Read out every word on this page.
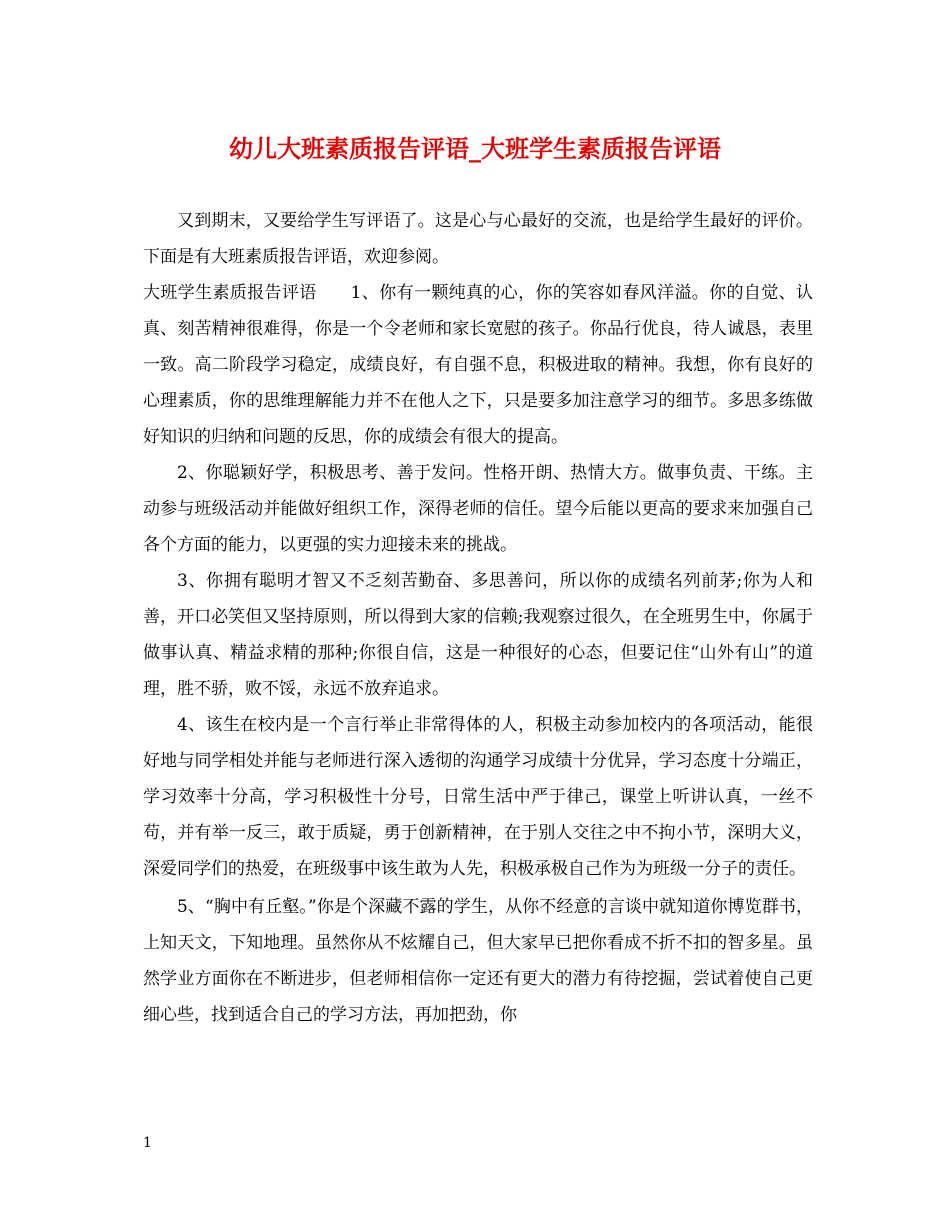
幼儿大班素质报告评语_大班学生素质报告评语

又到期末，又要给学生写评语了。这是心与心最好的交流，也是给学生最好的评价。下面是有大班素质报告评语，欢迎参阅。

大班学生素质报告评语 1、你有一颗纯真的心，你的笑容如春风洋溢。你的自觉、认真、刻苦精神很难得，你是一个令老师和家长宽慰的孩子。你品行优良，待人诚恳，表里一致。高二阶段学习稳定，成绩良好，有自强不息，积极进取的精神。我想，你有良好的心理素质，你的思维理解能力并不在他人之下，只是要多加注意学习的细节。多思多练做好知识的归纳和问题的反思，你的成绩会有很大的提高。

2、你聪颖好学，积极思考、善于发问。性格开朗、热情大方。做事负责、干练。主动参与班级活动并能做好组织工作，深得老师的信任。望今后能以更高的要求来加强自己各个方面的能力，以更强的实力迎接未来的挑战。

3、你拥有聪明才智又不乏刻苦勤奋、多思善问，所以你的成绩名列前茅;你为人和善，开口必笑但又坚持原则，所以得到大家的信赖;我观察过很久，在全班男生中，你属于做事认真、精益求精的那种;你很自信，这是一种很好的心态，但要记住“山外有山”的道理，胜不骄，败不馁，永远不放弃追求。

4、该生在校内是一个言行举止非常得体的人，积极主动参加校内的各项活动，能很好地与同学相处并能与老师进行深入透彻的沟通学习成绩十分优异，学习态度十分端正，学习效率十分高，学习积极性十分号，日常生活中严于律己，课堂上听讲认真，一丝不苟，并有举一反三，敢于质疑，勇于创新精神，在于别人交往之中不拘小节，深明大义，深爱同学们的热爱，在班级事中该生敢为人先，积极承极自己作为为班级一分子的责任。

5、“胸中有丘壑。”你是个深藏不露的学生，从你不经意的言谈中就知道你博览群书，上知天文，下知地理。虽然你从不炫耀自己，但大家早已把你看成不折不扣的智多星。虽然学业方面你在不断进步，但老师相信你一定还有更大的潜力有待挖掘，尝试着使自己更细心些，找到适合自己的学习方法，再加把劲，你

1
